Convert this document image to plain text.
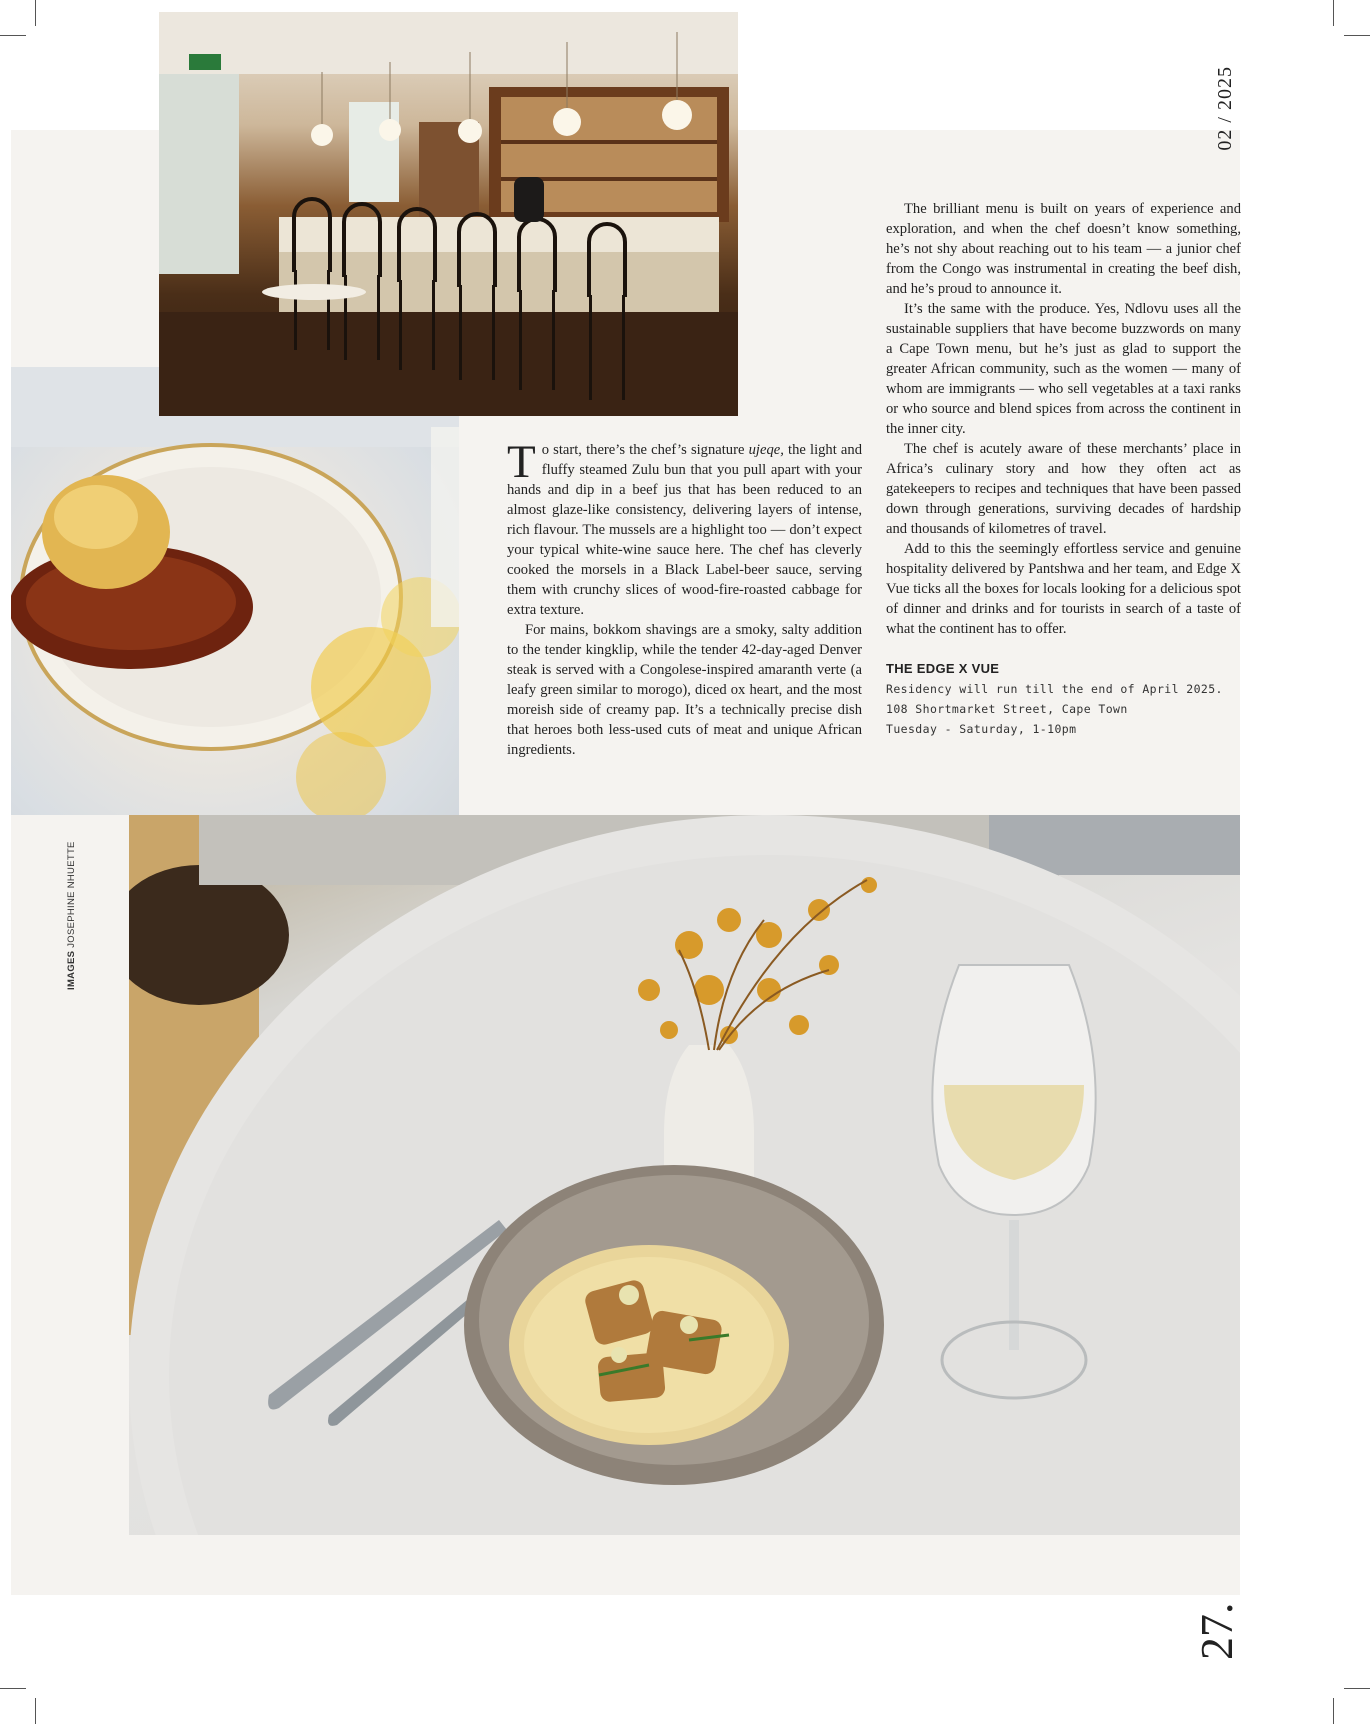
02 / 2025
IMAGES JOSEPHINE NHUETTE

To start, there’s the chef’s signature ujeqe, the light and fluffy steamed Zulu bun that you pull apart with your hands and dip in a beef jus that has been reduced to an almost glaze-like consistency, delivering layers of intense, rich flavour. The mussels are a highlight too — don’t expect your typical white-wine sauce here. The chef has cleverly cooked the morsels in a Black Label-beer sauce, serving them with crunchy slices of wood-fire-roasted cabbage for extra texture.

For mains, bokkom shavings are a smoky, salty addition to the tender kingklip, while the tender 42-day-aged Denver steak is served with a Congolese-inspired amaranth verte (a leafy green similar to morogo), diced ox heart, and the most moreish side of creamy pap. It’s a technically precise dish that heroes both less-used cuts of meat and unique African ingredients.

The brilliant menu is built on years of experience and exploration, and when the chef doesn’t know something, he’s not shy about reaching out to his team — a junior chef from the Congo was instrumental in creating the beef dish, and he’s proud to announce it.

It’s the same with the produce. Yes, Ndlovu uses all the sustainable suppliers that have become buzzwords on many a Cape Town menu, but he’s just as glad to support the greater African community, such as the women — many of whom are immigrants — who sell vegetables at a taxi ranks or who source and blend spices from across the continent in the inner city.

The chef is acutely aware of these merchants’ place in Africa’s culinary story and how they often act as gatekeepers to recipes and techniques that have been passed down through generations, surviving decades of hardship and thousands of kilometres of travel.

Add to this the seemingly effortless service and genuine hospitality delivered by Pantshwa and her team, and Edge X Vue ticks all the boxes for locals looking for a delicious spot of dinner and drinks and for tourists in search of a taste of what the continent has to offer.

THE EDGE X VUE
Residency will run till the end of April 2025.
108 Shortmarket Street, Cape Town
Tuesday - Saturday, 1-10pm
27.
